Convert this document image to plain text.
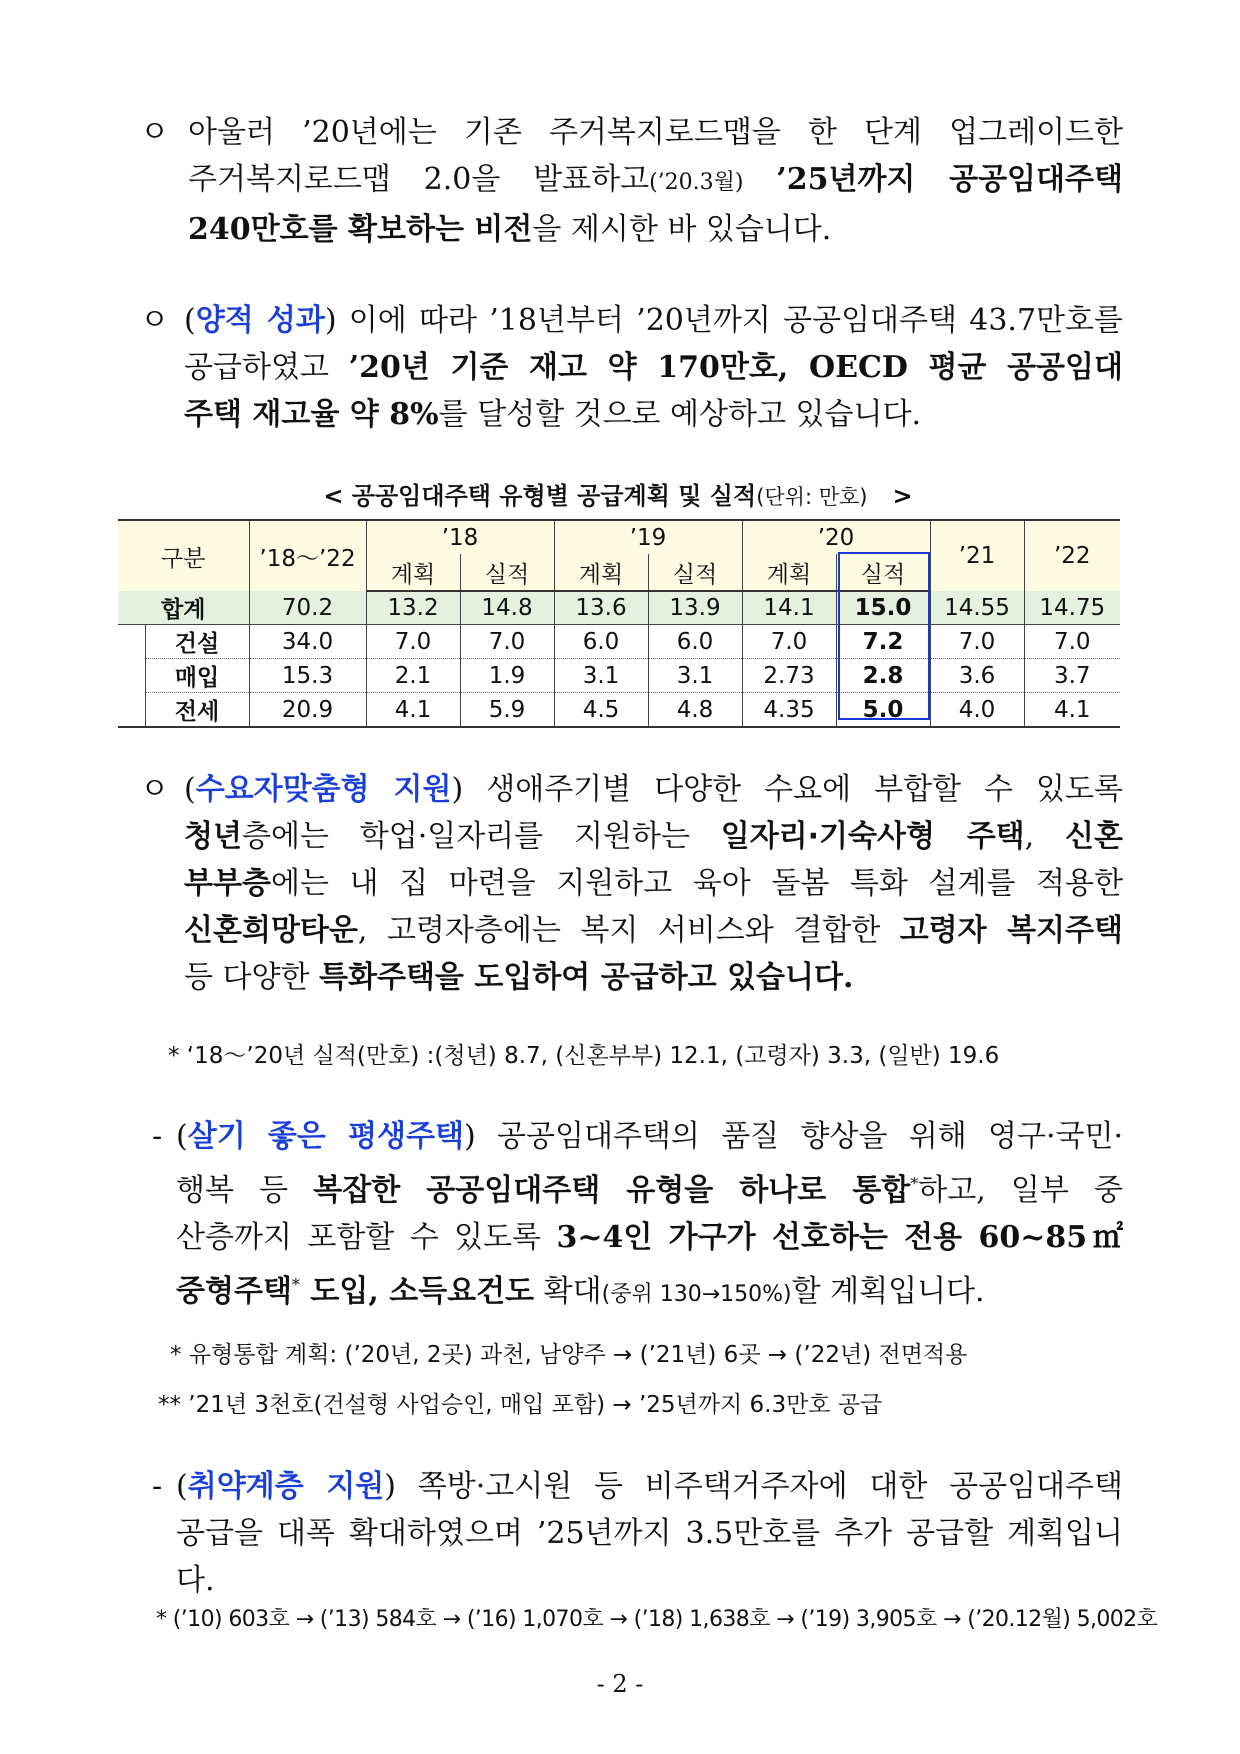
ㅇ 아울러 ’20년에는 기존 주거복지로드맵을 한 단계 업그레이드한
주거복지로드맵 2.0을 발표하고(’20.3월) ’25년까지 공공임대주택
240만호를 확보하는 비전을 제시한 바 있습니다.
ㅇ (양적 성과) 이에 따라 ’18년부터 ’20년까지 공공임대주택 43.7만호를
공급하였고 ’20년 기준 재고 약 170만호, OECD 평균 공공임대
주택 재고율 약 8%를 달성할 것으로 예상하고 있습니다.
< 공공임대주택 유형별 공급계획 및 실적(단위: 만호) >
구분		’18～’22	’18		’19		’20		’21	’22
			계획	실적	계획	실적	계획	실적		
합계		70.2	13.2	14.8	13.6	13.9	14.1	15.0	14.55	14.75
	건설	34.0	7.0	7.0	6.0	6.0	7.0	7.2	7.0	7.0
	매입	15.3	2.1	1.9	3.1	3.1	2.73	2.8	3.6	3.7
	전세	20.9	4.1	5.9	4.5	4.8	4.35	5.0	4.0	4.1
ㅇ (수요자맞춤형 지원) 생애주기별 다양한 수요에 부합할 수 있도록
청년층에는 학업·일자리를 지원하는 일자리·기숙사형 주택, 신혼
부부층에는 내 집 마련을 지원하고 육아 돌봄 특화 설계를 적용한
신혼희망타운, 고령자층에는 복지 서비스와 결합한 고령자 복지주택
등 다양한 특화주택을 도입하여 공급하고 있습니다.
* ‘18～’20년 실적(만호) :(청년) 8.7, (신혼부부) 12.1, (고령자) 3.3, (일반) 19.6
- (살기 좋은 평생주택) 공공임대주택의 품질 향상을 위해 영구·국민·
행복 등 복잡한 공공임대주택 유형을 하나로 통합*하고, 일부 중
산층까지 포함할 수 있도록 3~4인 가구가 선호하는 전용 60~85㎡
중형주택* 도입, 소득요건도 확대(중위 130→150%)할 계획입니다.
* 유형통합 계획: (’20년, 2곳) 과천, 남양주 → (’21년) 6곳 → (’22년) 전면적용
** ’21년 3천호(건설형 사업승인, 매입 포함) → ’25년까지 6.3만호 공급
- (취약계층 지원) 쪽방·고시원 등 비주택거주자에 대한 공공임대주택
공급을 대폭 확대하였으며 ’25년까지 3.5만호를 추가 공급할 계획입니다.
* (’10) 603호 → (’13) 584호 → (’16) 1,070호 → (’18) 1,638호 → (’19) 3,905호 → (’20.12월) 5,002호
- 2 -
